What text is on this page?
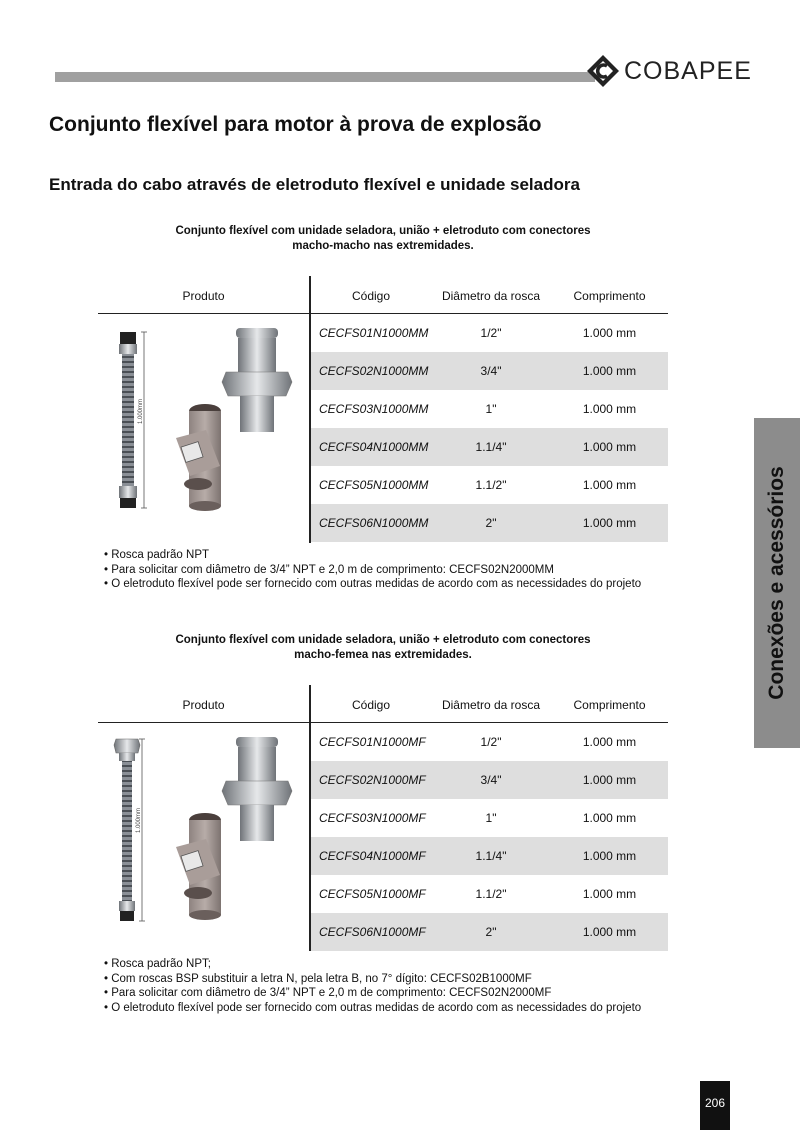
COBAPEE
Conjunto flexível para motor à prova de explosão
Entrada do cabo através de eletroduto flexível e unidade seladora
Conjunto flexível com unidade seladora, união + eletroduto com conectores
macho-macho nas extremidades.
Produto	Código	Diâmetro da rosca	Comprimento
1.000mm
CECFS01N1000MM	1/2"	1.000 mm
CECFS02N1000MM	3/4"	1.000 mm
CECFS03N1000MM	1"	1.000 mm
CECFS04N1000MM	1.1/4"	1.000 mm
CECFS05N1000MM	1.1/2"	1.000 mm
CECFS06N1000MM	2"	1.000 mm
• Rosca padrão NPT
• Para solicitar com diâmetro de 3/4” NPT e 2,0 m de comprimento: CECFS02N2000MM
• O eletroduto flexível pode ser fornecido com outras medidas de acordo com as necessidades do projeto
Conjunto flexível com unidade seladora, união + eletroduto com conectores
macho-femea nas extremidades.
Produto	Código	Diâmetro da rosca	Comprimento
1.000mm
CECFS01N1000MF	1/2"	1.000 mm
CECFS02N1000MF	3/4"	1.000 mm
CECFS03N1000MF	1"	1.000 mm
CECFS04N1000MF	1.1/4"	1.000 mm
CECFS05N1000MF	1.1/2"	1.000 mm
CECFS06N1000MF	2"	1.000 mm
• Rosca padrão NPT;
• Com roscas BSP substituir a letra N, pela letra B, no 7° dígito: CECFS02B1000MF
• Para solicitar com diâmetro de 3/4” NPT e 2,0 m de comprimento: CECFS02N2000MF
• O eletroduto flexível pode ser fornecido com outras medidas de acordo com as necessidades do projeto
Conexões e acessórios
206
